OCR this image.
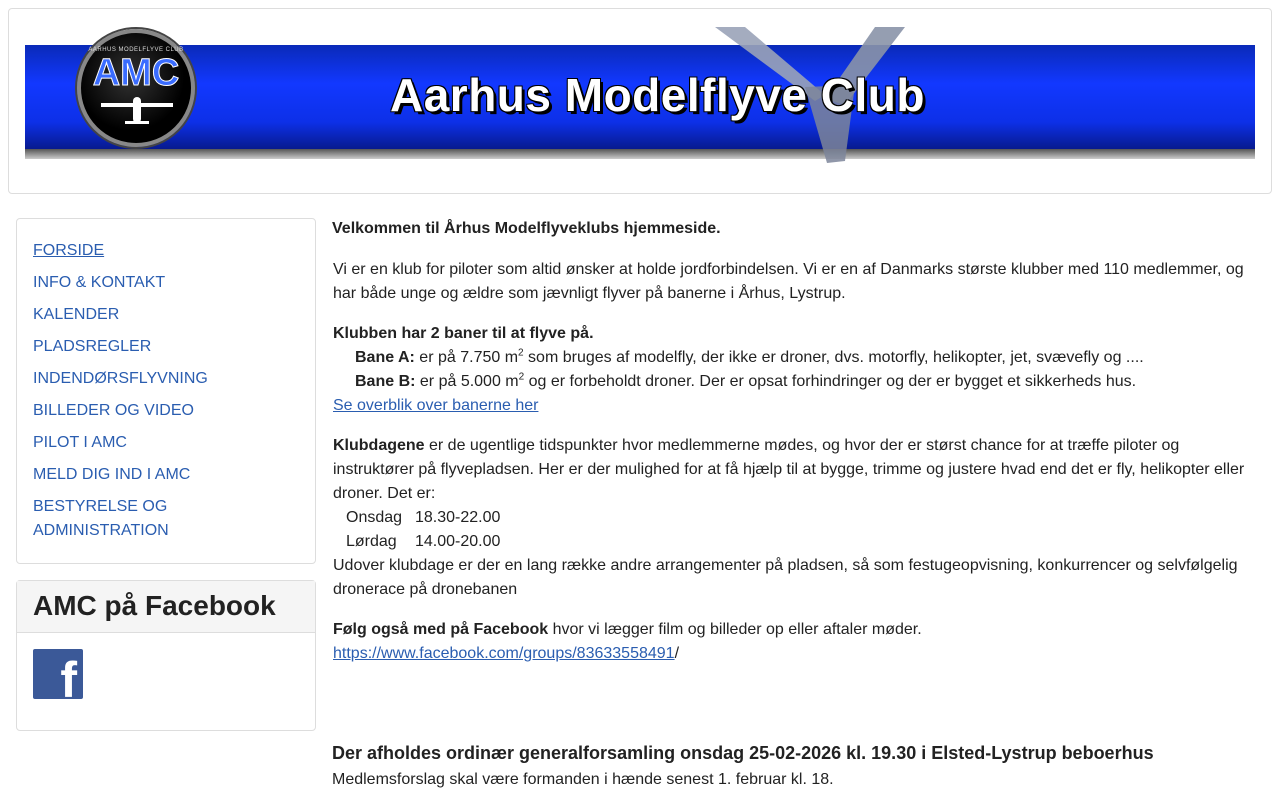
AARHUS MODELFLYVE CLUB
AMC	Aarhus Modelflyve Club
FORSIDE
INFO & KONTAKT
KALENDER
PLADSREGLER
INDENDØRSFLYVNING
BILLEDER OG VIDEO
PILOT I AMC
MELD DIG IND I AMC
BESTYRELSE OG ADMINISTRATION
AMC på Facebook
f

Velkommen til Århus Modelflyveklubs hjemmeside.

Vi er en klub for piloter som altid ønsker at holde jordforbindelsen. Vi er en af Danmarks største klubber med 110 medlemmer, og har både unge og ældre som jævnligt flyver på banerne i Århus, Lystrup.

Klubben har 2 baner til at flyve på.

Bane A: er på 7.750 $m^2$ som bruges af modelfly, der ikke er droner, dvs. motorfly, helikopter, jet, svævefly og ....

Bane B: er på 5.000 $m^2$ og er forbeholdt droner. Der er opsat forhindringer og der er bygget et sikkerheds hus.

Se overblik over banerne her

Klubdagene er de ugentlige tidspunkter hvor medlemmerne mødes, og hvor der er størst chance for at træffe piloter og instruktører på flyvepladsen. Her er der mulighed for at få hjælp til at bygge, trimme og justere hvad end det er fly, helikopter eller droner. Det er:

Onsdag 18.30-22.00

Lørdag 14.00-20.00

Udover klubdage er der en lang række andre arrangementer på pladsen, så som festugeopvisning, konkurrencer og selvfølgelig dronerace på dronebanen

Følg også med på Facebook hvor vi lægger film og billeder op eller aftaler møder.

https://www.facebook.com/groups/83633558491/

Der afholdes ordinær generalforsamling onsdag 25-02-2026 kl. 19.30 i Elsted-Lystrup beboerhus
Medlemsforslag skal være formanden i hænde senest 1. februar kl. 18.
